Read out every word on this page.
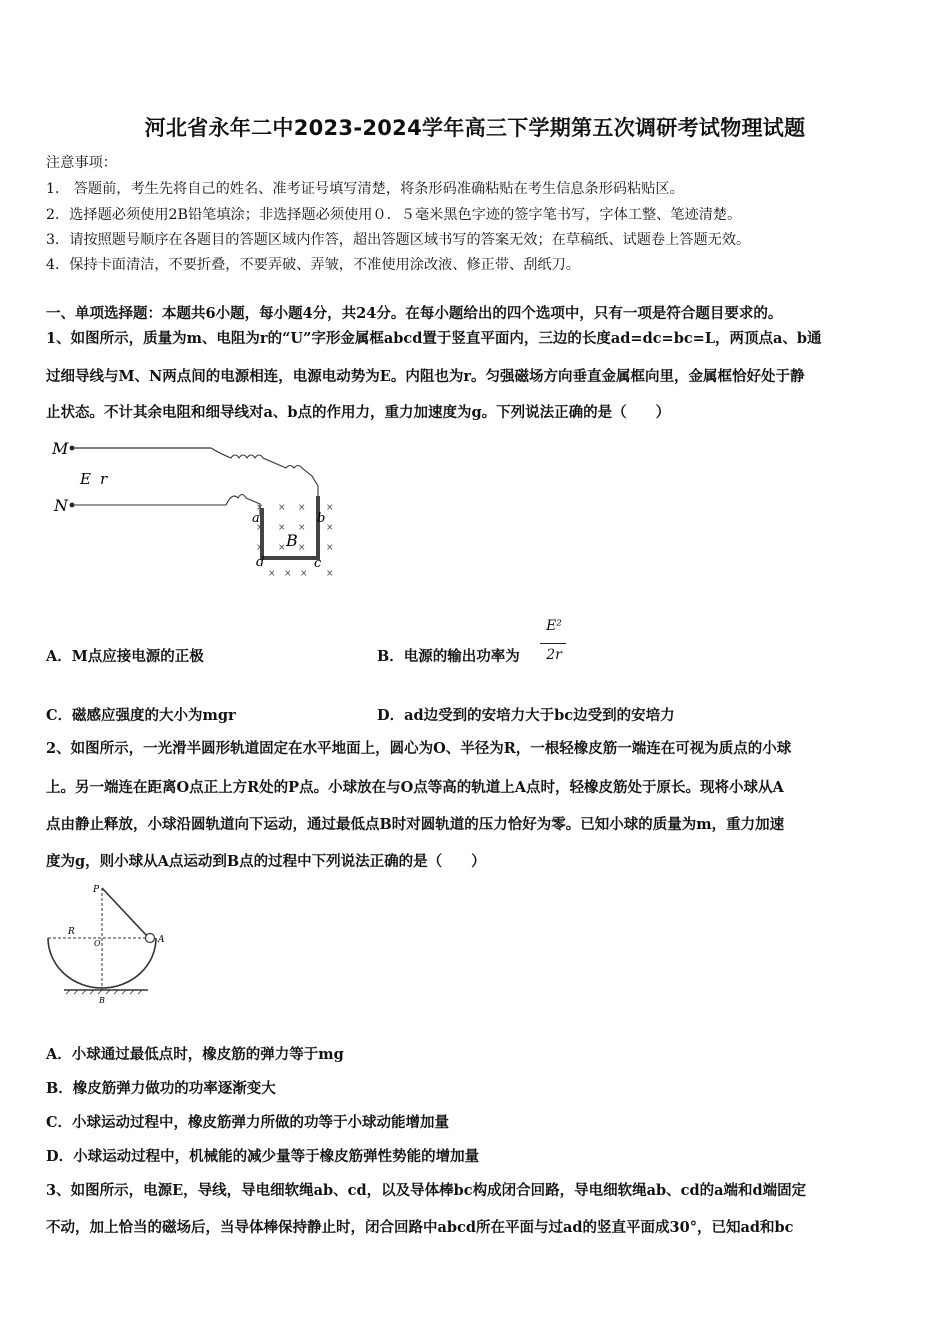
河北省永年二中2023-2024学年高三下学期第五次调研考试物理试题
注意事项：
1． 答题前，考生先将自己的姓名、准考证号填写清楚，将条形码准确粘贴在考生信息条形码粘贴区。
2．选择题必须使用2B铅笔填涂；非选择题必须使用０．５毫米黑色字迹的签字笔书写，字体工整、笔迹清楚。
3．请按照题号顺序在各题目的答题区域内作答，超出答题区域书写的答案无效；在草稿纸、试题卷上答题无效。
4．保持卡面清洁，不要折叠，不要弄破、弄皱，不准使用涂改液、修正带、刮纸刀。
一、单项选择题：本题共6小题，每小题4分，共24分。在每小题给出的四个选项中，只有一项是符合题目要求的。
1、如图所示，质量为m、电阻为r的“U”字形金属框abcd置于竖直平面内，三边的长度ad=dc=bc=L，两顶点a、b通
过细导线与M、N两点间的电源相连，电源电动势为E。内阻也为r。匀强磁场方向垂直金属框向里，金属框恰好处于静
止状态。不计其余电阻和细导线对a、b点的作用力，重力加速度为g。下列说法正确的是（　　）
M
E r
N
a	b
d	c
B
× × × ×
× × × ×
× × × ×
× × × ×
A．M点应接电源的正极	B．电源的输出功率为
E²
2r
C．磁感应强度的大小为mgr	D．ad边受到的安培力大于bc边受到的安培力
2、如图所示，一光滑半圆形轨道固定在水平地面上，圆心为O、半径为R，一根轻橡皮筋一端连在可视为质点的小球
上。另一端连在距离O点正上方R处的P点。小球放在与O点等高的轨道上A点时，轻橡皮筋处于原长。现将小球从A
点由静止释放，小球沿圆轨道向下运动，通过最低点B时对圆轨道的压力恰好为零。已知小球的质量为m，重力加速
度为g，则小球从A点运动到B点的过程中下列说法正确的是（　　）
P
R
O	A
B
A．小球通过最低点时，橡皮筋的弹力等于mg
B．橡皮筋弹力做功的功率逐渐变大
C．小球运动过程中，橡皮筋弹力所做的功等于小球动能增加量
D．小球运动过程中，机械能的减少量等于橡皮筋弹性势能的增加量
3、如图所示，电源E，导线，导电细软绳ab、cd，以及导体棒bc构成闭合回路，导电细软绳ab、cd的a端和d端固定
不动，加上恰当的磁场后，当导体棒保持静止时，闭合回路中abcd所在平面与过ad的竖直平面成30°，已知ad和bc
